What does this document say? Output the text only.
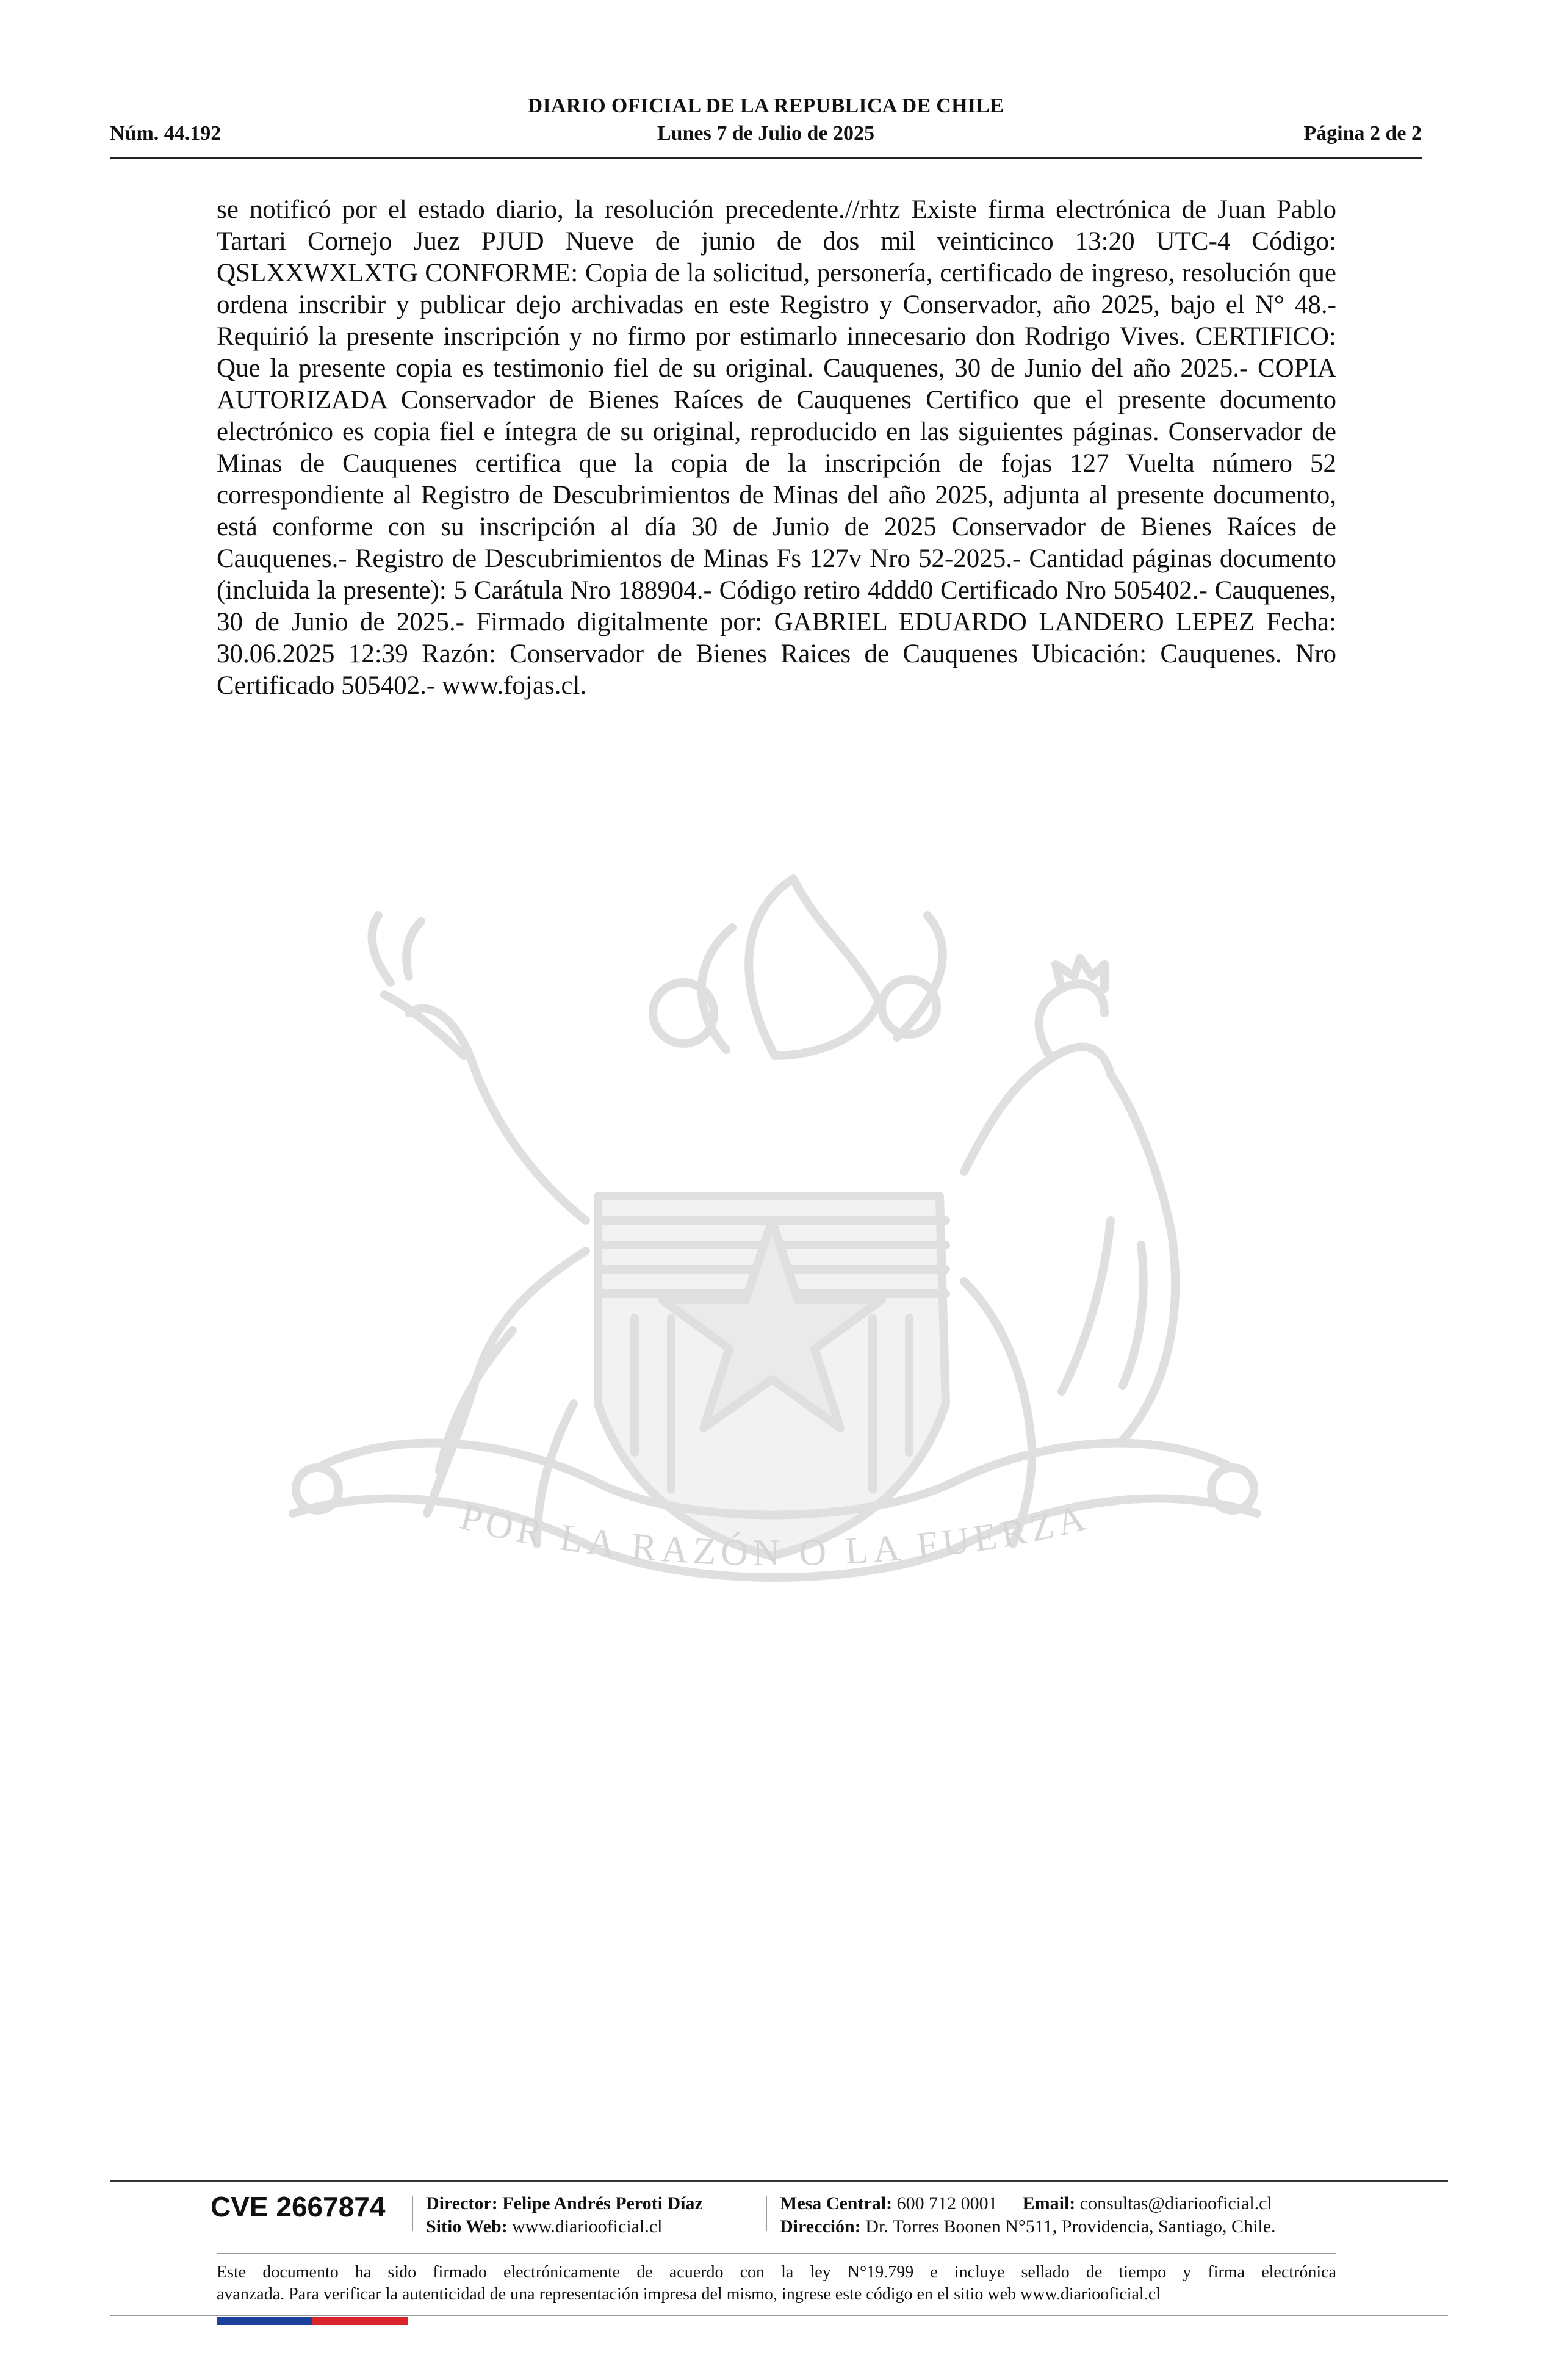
DIARIO OFICIAL DE LA REPUBLICA DE CHILE
Núm. 44.192	Lunes 7 de Julio de 2025	Página 2 de 2
se notificó por el estado diario, la resolución precedente.//rhtz Existe firma electrónica de Juan Pablo Tartari Cornejo Juez PJUD Nueve de junio de dos mil veinticinco 13:20 UTC-4 Código: QSLXXWXLXTG CONFORME: Copia de la solicitud, personería, certificado de ingreso, resolución que ordena inscribir y publicar dejo archivadas en este Registro y Conservador, año 2025, bajo el N° 48.- Requirió la presente inscripción y no firmo por estimarlo innecesario don Rodrigo Vives. CERTIFICO: Que la presente copia es testimonio fiel de su original. Cauquenes, 30 de Junio del año 2025.- COPIA AUTORIZADA Conservador de Bienes Raíces de Cauquenes Certifico que el presente documento electrónico es copia fiel e íntegra de su original, reproducido en las siguientes páginas. Conservador de Minas de Cauquenes certifica que la copia de la inscripción de fojas 127 Vuelta número 52 correspondiente al Registro de Descubrimientos de Minas del año 2025, adjunta al presente documento, está conforme con su inscripción al día 30 de Junio de 2025 Conservador de Bienes Raíces de Cauquenes.- Registro de Descubrimientos de Minas Fs 127v Nro 52-2025.- Cantidad páginas documento (incluida la presente): 5 Carátula Nro 188904.- Código retiro 4ddd0 Certificado Nro 505402.- Cauquenes, 30 de Junio de 2025.- Firmado digitalmente por: GABRIEL EDUARDO LANDERO LEPEZ Fecha: 30.06.2025 12:39 Razón: Conservador de Bienes Raices de Cauquenes Ubicación: Cauquenes. Nro Certificado 505402.- www.fojas.cl.
POR LA RAZÓN O LA FUERZA
CVE 2667874 Director: Felipe Andrés Peroti Díaz
Sitio Web: www.diariooficial.cl
Mesa Central: 600 712 0001 Email: consultas@diariooficial.cl
Dirección: Dr. Torres Boonen N°511, Providencia, Santiago, Chile.
Este documento ha sido firmado electrónicamente de acuerdo con la ley N°19.799 e incluye sellado de tiempo y firma electrónica
avanzada. Para verificar la autenticidad de una representación impresa del mismo, ingrese este código en el sitio web www.diariooficial.cl
